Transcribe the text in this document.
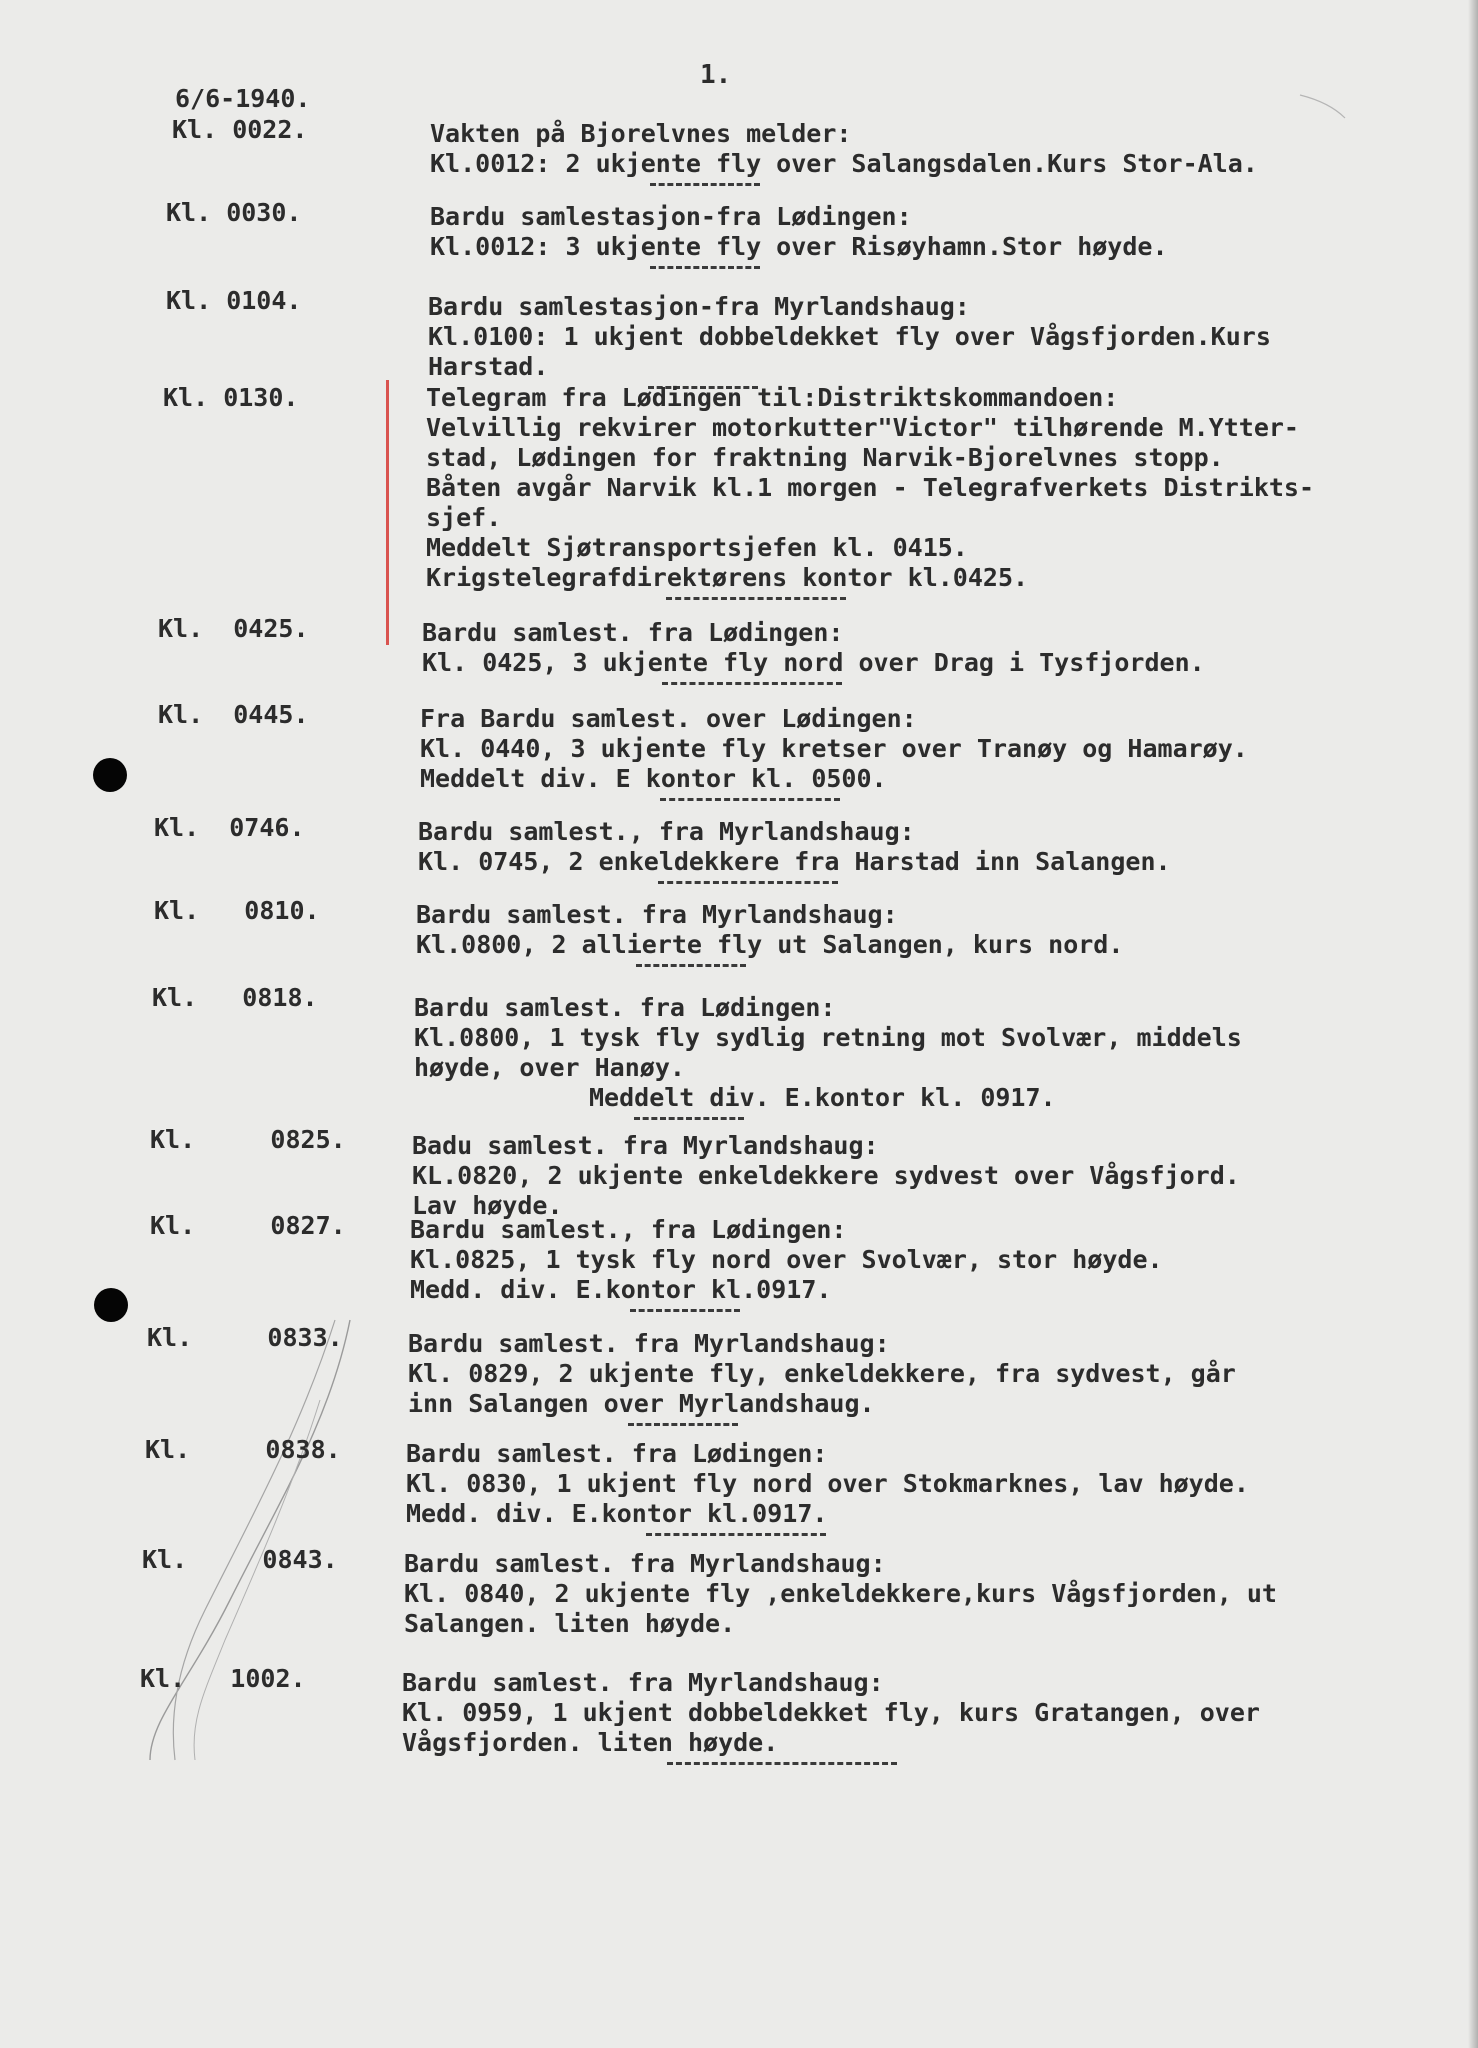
1.
6/6-1940.
Kl. 0022.	Vakten på Bjorelvnes melder:
Kl.0012: 2 ukjente fly over Salangsdalen.Kurs Stor-Ala.
Kl. 0030.	Bardu samlestasjon-fra Lødingen:
Kl.0012: 3 ukjente fly over Risøyhamn.Stor høyde.
Kl. 0104.	Bardu samlestasjon-fra Myrlandshaug:
Kl.0100: 1 ukjent dobbeldekket fly over Vågsfjorden.Kurs
Harstad.
Kl. 0130.	Telegram fra Lødingen til:Distriktskommandoen:
Velvillig rekvirer motorkutter"Victor" tilhørende M.Ytter-
stad, Lødingen for fraktning Narvik-Bjorelvnes stopp.
Båten avgår Narvik kl.1 morgen - Telegrafverkets Distrikts-
sjef.
Meddelt Sjøtransportsjefen kl. 0415.
Krigstelegrafdirektørens kontor kl.0425.
Kl.  0425.	Bardu samlest. fra Lødingen:
Kl. 0425, 3 ukjente fly nord over Drag i Tysfjorden.
Kl.  0445.	Fra Bardu samlest. over Lødingen:
Kl. 0440, 3 ukjente fly kretser over Tranøy og Hamarøy.
Meddelt div. E kontor kl. 0500.
Kl.  0746.	Bardu samlest., fra Myrlandshaug:
Kl. 0745, 2 enkeldekkere fra Harstad inn Salangen.
Kl.   0810.	Bardu samlest. fra Myrlandshaug:
Kl.0800, 2 allierte fly ut Salangen, kurs nord.
Kl.   0818.	Bardu samlest. fra Lødingen:
Kl.0800, 1 tysk fly sydlig retning mot Svolvær, middels
høyde, over Hanøy.
Meddelt div. E.kontor kl. 0917.
Kl.     0825.	Badu samlest. fra Myrlandshaug:
KL.0820, 2 ukjente enkeldekkere sydvest over Vågsfjord.
Lav høyde.
Kl.     0827.	Bardu samlest., fra Lødingen:
Kl.0825, 1 tysk fly nord over Svolvær, stor høyde.
Medd. div. E.kontor kl.0917.
Kl.     0833.	Bardu samlest. fra Myrlandshaug:
Kl. 0829, 2 ukjente fly, enkeldekkere, fra sydvest, går
inn Salangen over Myrlandshaug.
Kl.     0838.	Bardu samlest. fra Lødingen:
Kl. 0830, 1 ukjent fly nord over Stokmarknes, lav høyde.
Medd. div. E.kontor kl.0917.
Kl.     0843.	Bardu samlest. fra Myrlandshaug:
Kl. 0840, 2 ukjente fly ,enkeldekkere,kurs Vågsfjorden, ut
Salangen. liten høyde.
Kl.   1002.	Bardu samlest. fra Myrlandshaug:
Kl. 0959, 1 ukjent dobbeldekket fly, kurs Gratangen, over
Vågsfjorden. liten høyde.
